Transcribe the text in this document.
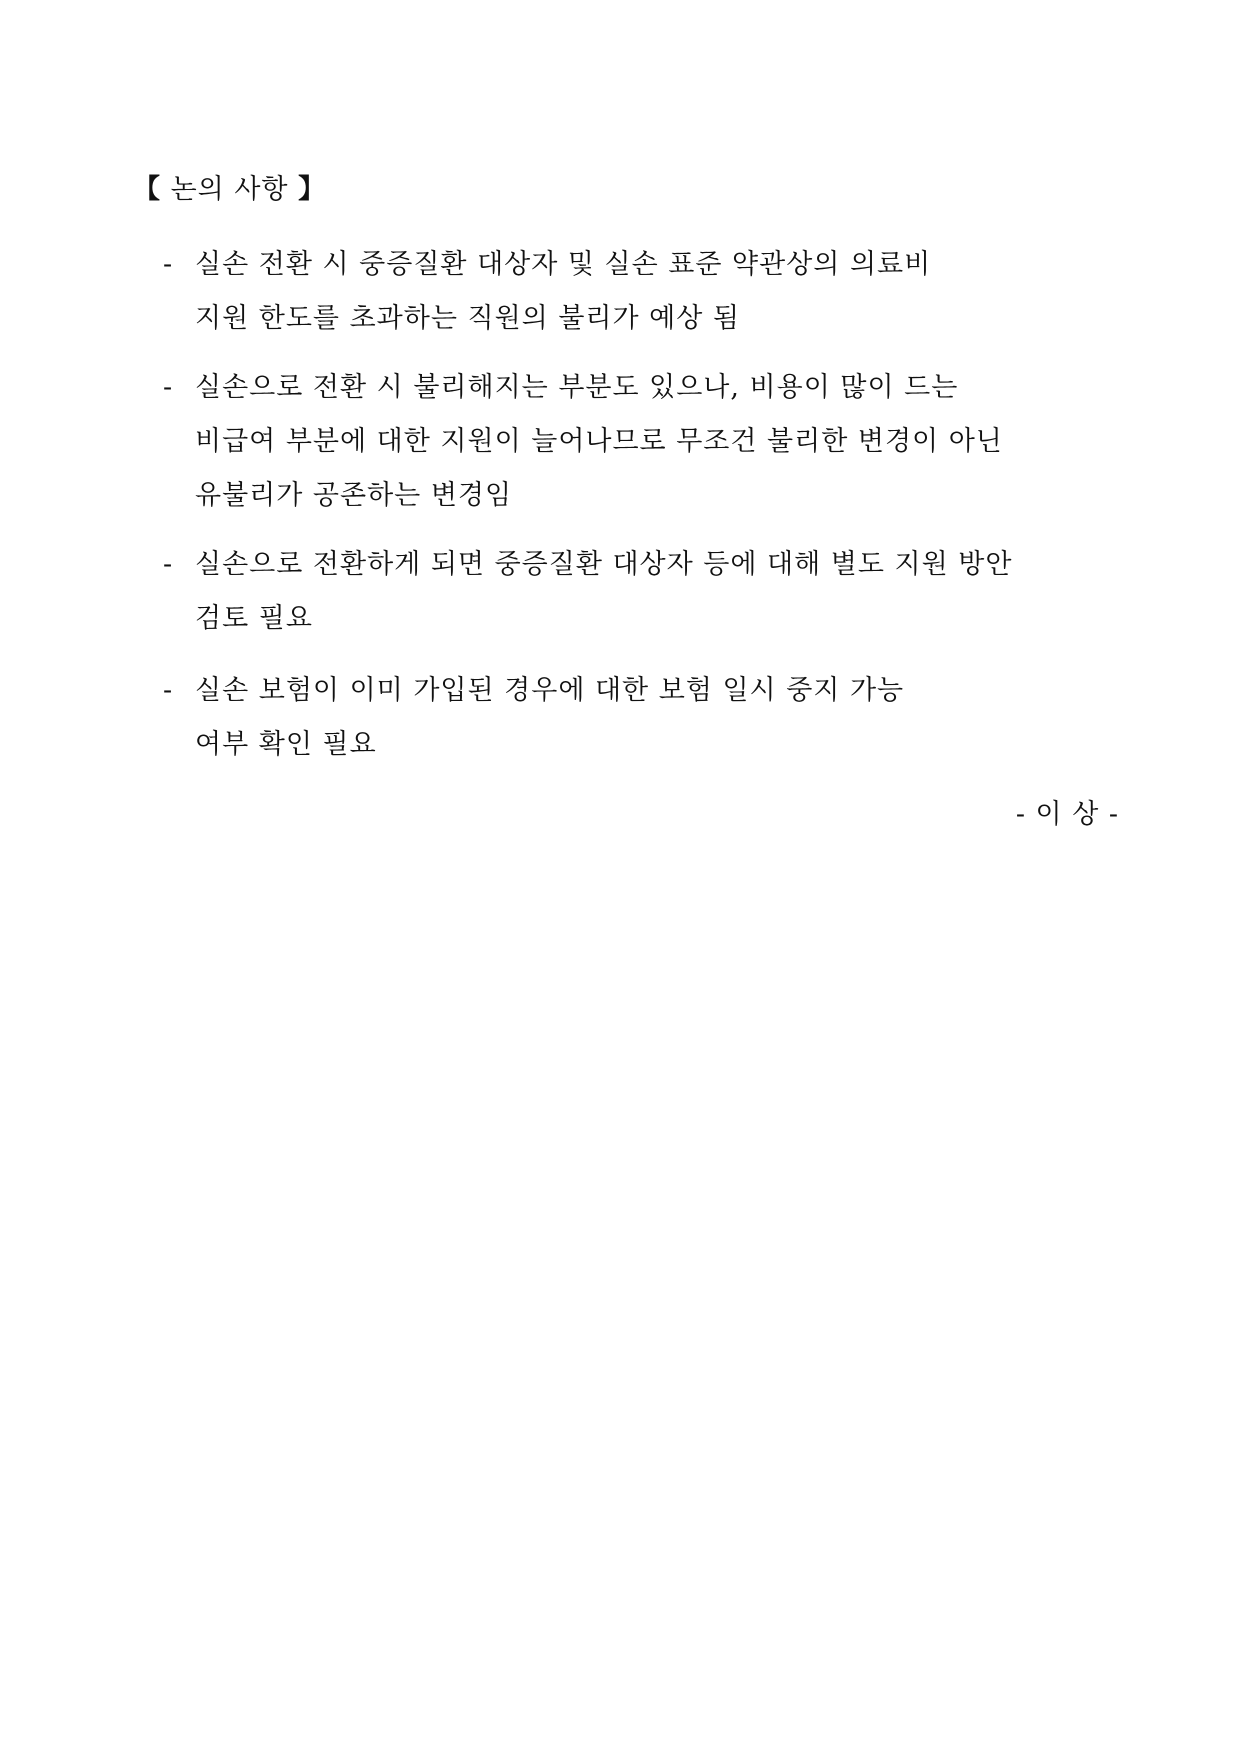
【 논의 사항 】
- 실손 전환 시 중증질환 대상자 및 실손 표준 약관상의 의료비
지원 한도를 초과하는 직원의 불리가 예상 됨
- 실손으로 전환 시 불리해지는 부분도 있으나, 비용이 많이 드는
비급여 부분에 대한 지원이 늘어나므로 무조건 불리한 변경이 아닌
유불리가 공존하는 변경임
- 실손으로 전환하게 되면 중증질환 대상자 등에 대해 별도 지원 방안
검토 필요
- 실손 보험이 이미 가입된 경우에 대한 보험 일시 중지 가능
여부 확인 필요
- 이 상 -
